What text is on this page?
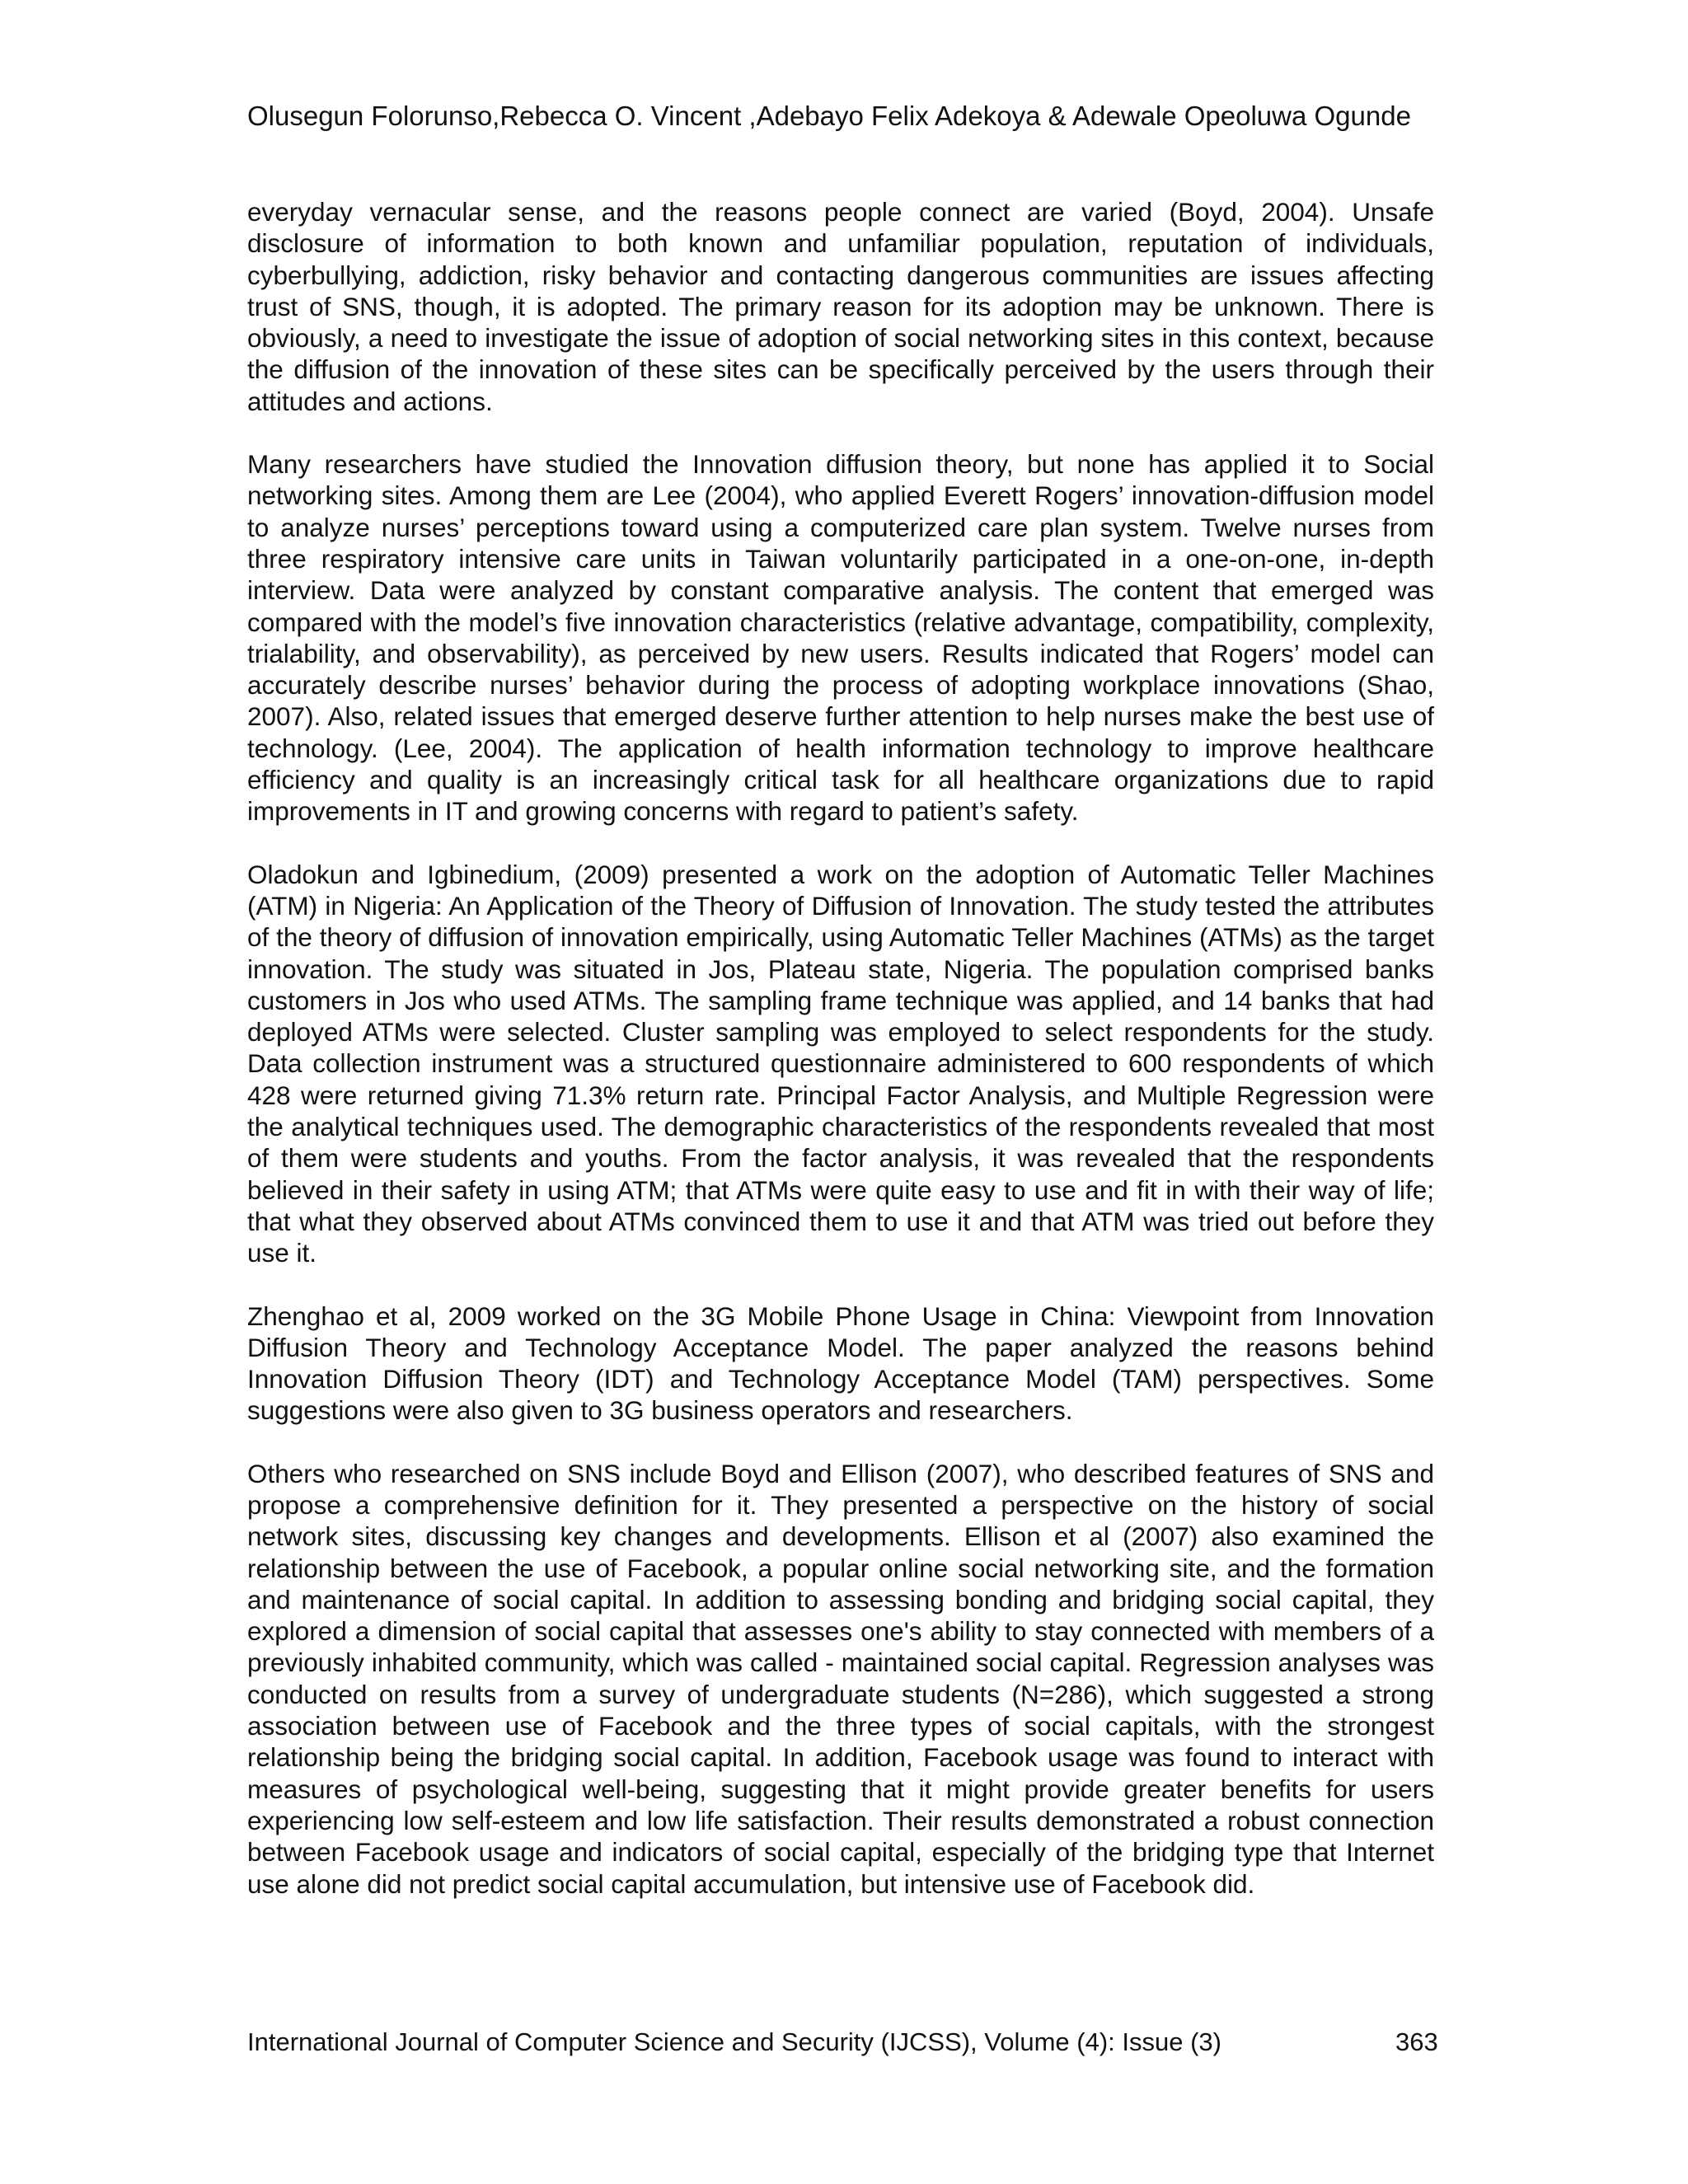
Olusegun Folorunso,Rebecca O. Vincent ,Adebayo Felix Adekoya & Adewale Opeoluwa Ogunde

everyday vernacular sense, and the reasons people connect are varied (Boyd, 2004). Unsafe disclosure of information to both known and unfamiliar population, reputation of individuals, cyberbullying, addiction, risky behavior and contacting dangerous communities are issues affecting trust of SNS, though, it is adopted. The primary reason for its adoption may be unknown. There is obviously, a need to investigate the issue of adoption of social networking sites in this context, because the diffusion of the innovation of these sites can be specifically perceived by the users through their attitudes and actions.

Many researchers have studied the Innovation diffusion theory, but none has applied it to Social networking sites. Among them are Lee (2004), who applied Everett Rogers’ innovation-diffusion model to analyze nurses’ perceptions toward using a computerized care plan system. Twelve nurses from three respiratory intensive care units in Taiwan voluntarily participated in a one-on-one, in-depth interview. Data were analyzed by constant comparative analysis. The content that emerged was compared with the model’s five innovation characteristics (relative advantage, compatibility, complexity, trialability, and observability), as perceived by new users. Results indicated that Rogers’ model can accurately describe nurses’ behavior during the process of adopting workplace innovations (Shao, 2007). Also, related issues that emerged deserve further attention to help nurses make the best use of technology. (Lee, 2004). The application of health information technology to improve healthcare efficiency and quality is an increasingly critical task for all healthcare organizations due to rapid improvements in IT and growing concerns with regard to patient’s safety.

Oladokun and Igbinedium, (2009) presented a work on the adoption of Automatic Teller Machines (ATM) in Nigeria: An Application of the Theory of Diffusion of Innovation. The study tested the attributes of the theory of diffusion of innovation empirically, using Automatic Teller Machines (ATMs) as the target innovation. The study was situated in Jos, Plateau state, Nigeria. The population comprised banks customers in Jos who used ATMs. The sampling frame technique was applied, and 14 banks that had deployed ATMs were selected. Cluster sampling was employed to select respondents for the study. Data collection instrument was a structured questionnaire administered to 600 respondents of which 428 were returned giving 71.3% return rate. Principal Factor Analysis, and Multiple Regression were the analytical techniques used. The demographic characteristics of the respondents revealed that most of them were students and youths. From the factor analysis, it was revealed that the respondents believed in their safety in using ATM; that ATMs were quite easy to use and fit in with their way of life; that what they observed about ATMs convinced them to use it and that ATM was tried out before they use it.

Zhenghao et al, 2009 worked on the 3G Mobile Phone Usage in China: Viewpoint from Innovation Diffusion Theory and Technology Acceptance Model. The paper analyzed the reasons behind Innovation Diffusion Theory (IDT) and Technology Acceptance Model (TAM) perspectives. Some suggestions were also given to 3G business operators and researchers.

Others who researched on SNS include Boyd and Ellison (2007), who described features of SNS and propose a comprehensive definition for it. They presented a perspective on the history of social network sites, discussing key changes and developments. Ellison et al (2007) also examined the relationship between the use of Facebook, a popular online social networking site, and the formation and maintenance of social capital. In addition to assessing bonding and bridging social capital, they explored a dimension of social capital that assesses one's ability to stay connected with members of a previously inhabited community, which was called - maintained social capital. Regression analyses was conducted on results from a survey of undergraduate students (N=286), which suggested a strong association between use of Facebook and the three types of social capitals, with the strongest relationship being the bridging social capital. In addition, Facebook usage was found to interact with measures of psychological well-being, suggesting that it might provide greater benefits for users experiencing low self-esteem and low life satisfaction. Their results demonstrated a robust connection between Facebook usage and indicators of social capital, especially of the bridging type that Internet use alone did not predict social capital accumulation, but intensive use of Facebook did.

International Journal of Computer Science and Security (IJCSS), Volume (4): Issue (3)	363
